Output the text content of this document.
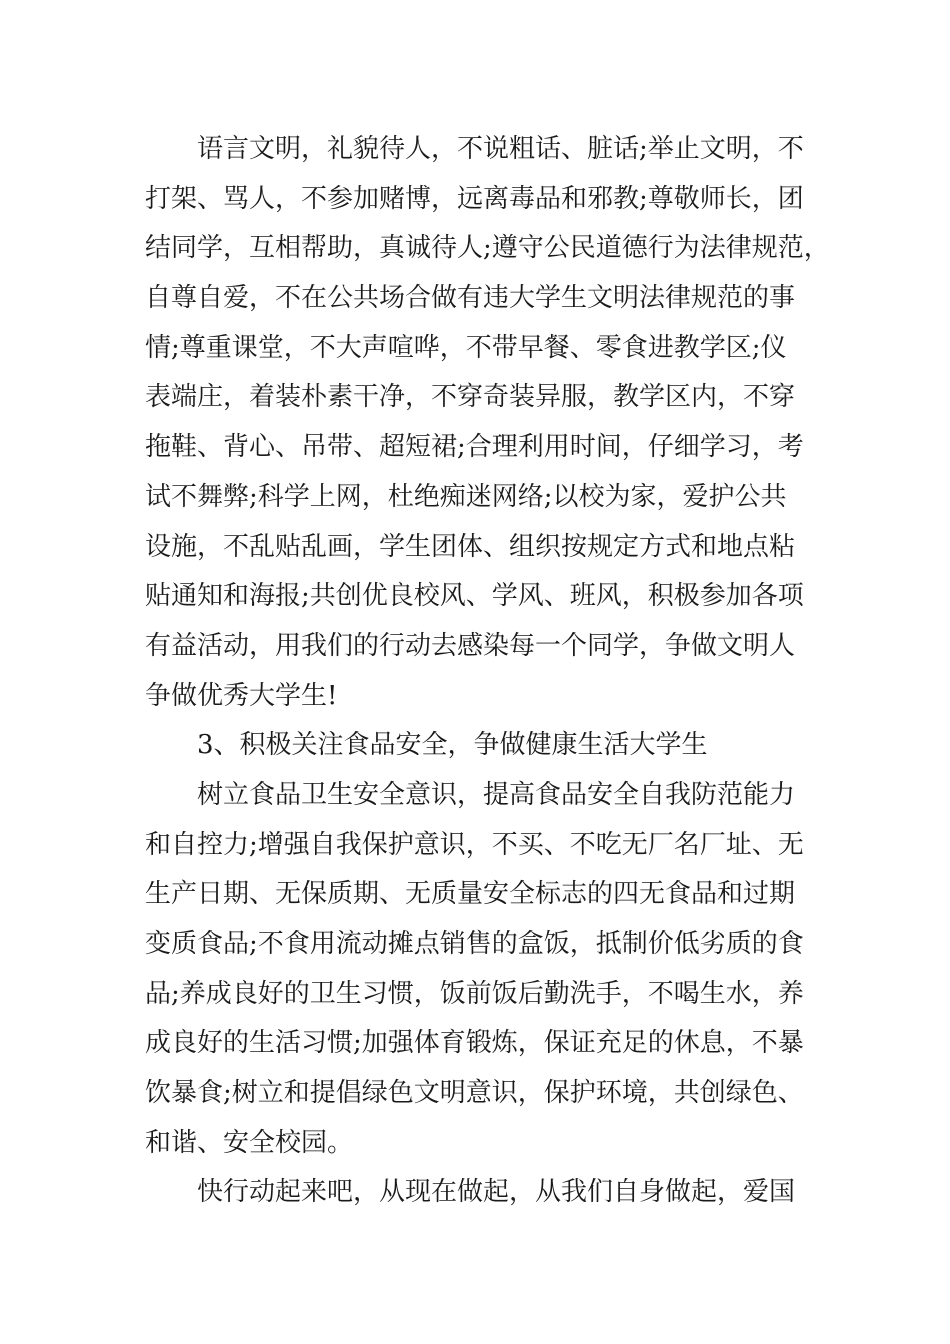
语言文明，礼貌待人，不说粗话、脏话;举止文明，不
打架、骂人，不参加赌博，远离毒品和邪教;尊敬师长，团
结同学，互相帮助，真诚待人;遵守公民道德行为法律规范，
自尊自爱，不在公共场合做有违大学生文明法律规范的事
情;尊重课堂，不大声喧哗，不带早餐、零食进教学区;仪
表端庄，着装朴素干净，不穿奇装异服，教学区内，不穿
拖鞋、背心、吊带、超短裙;合理利用时间，仔细学习，考
试不舞弊;科学上网，杜绝痴迷网络;以校为家，爱护公共
设施，不乱贴乱画，学生团体、组织按规定方式和地点粘
贴通知和海报;共创优良校风、学风、班风，积极参加各项
有益活动，用我们的行动去感染每一个同学，争做文明人
争做优秀大学生!
3、积极关注食品安全，争做健康生活大学生
树立食品卫生安全意识，提高食品安全自我防范能力
和自控力;增强自我保护意识，不买、不吃无厂名厂址、无
生产日期、无保质期、无质量安全标志的四无食品和过期
变质食品;不食用流动摊点销售的盒饭，抵制价低劣质的食
品;养成良好的卫生习惯，饭前饭后勤洗手，不喝生水，养
成良好的生活习惯;加强体育锻炼，保证充足的休息，不暴
饮暴食;树立和提倡绿色文明意识，保护环境，共创绿色、
和谐、安全校园。
快行动起来吧，从现在做起，从我们自身做起，爱国
